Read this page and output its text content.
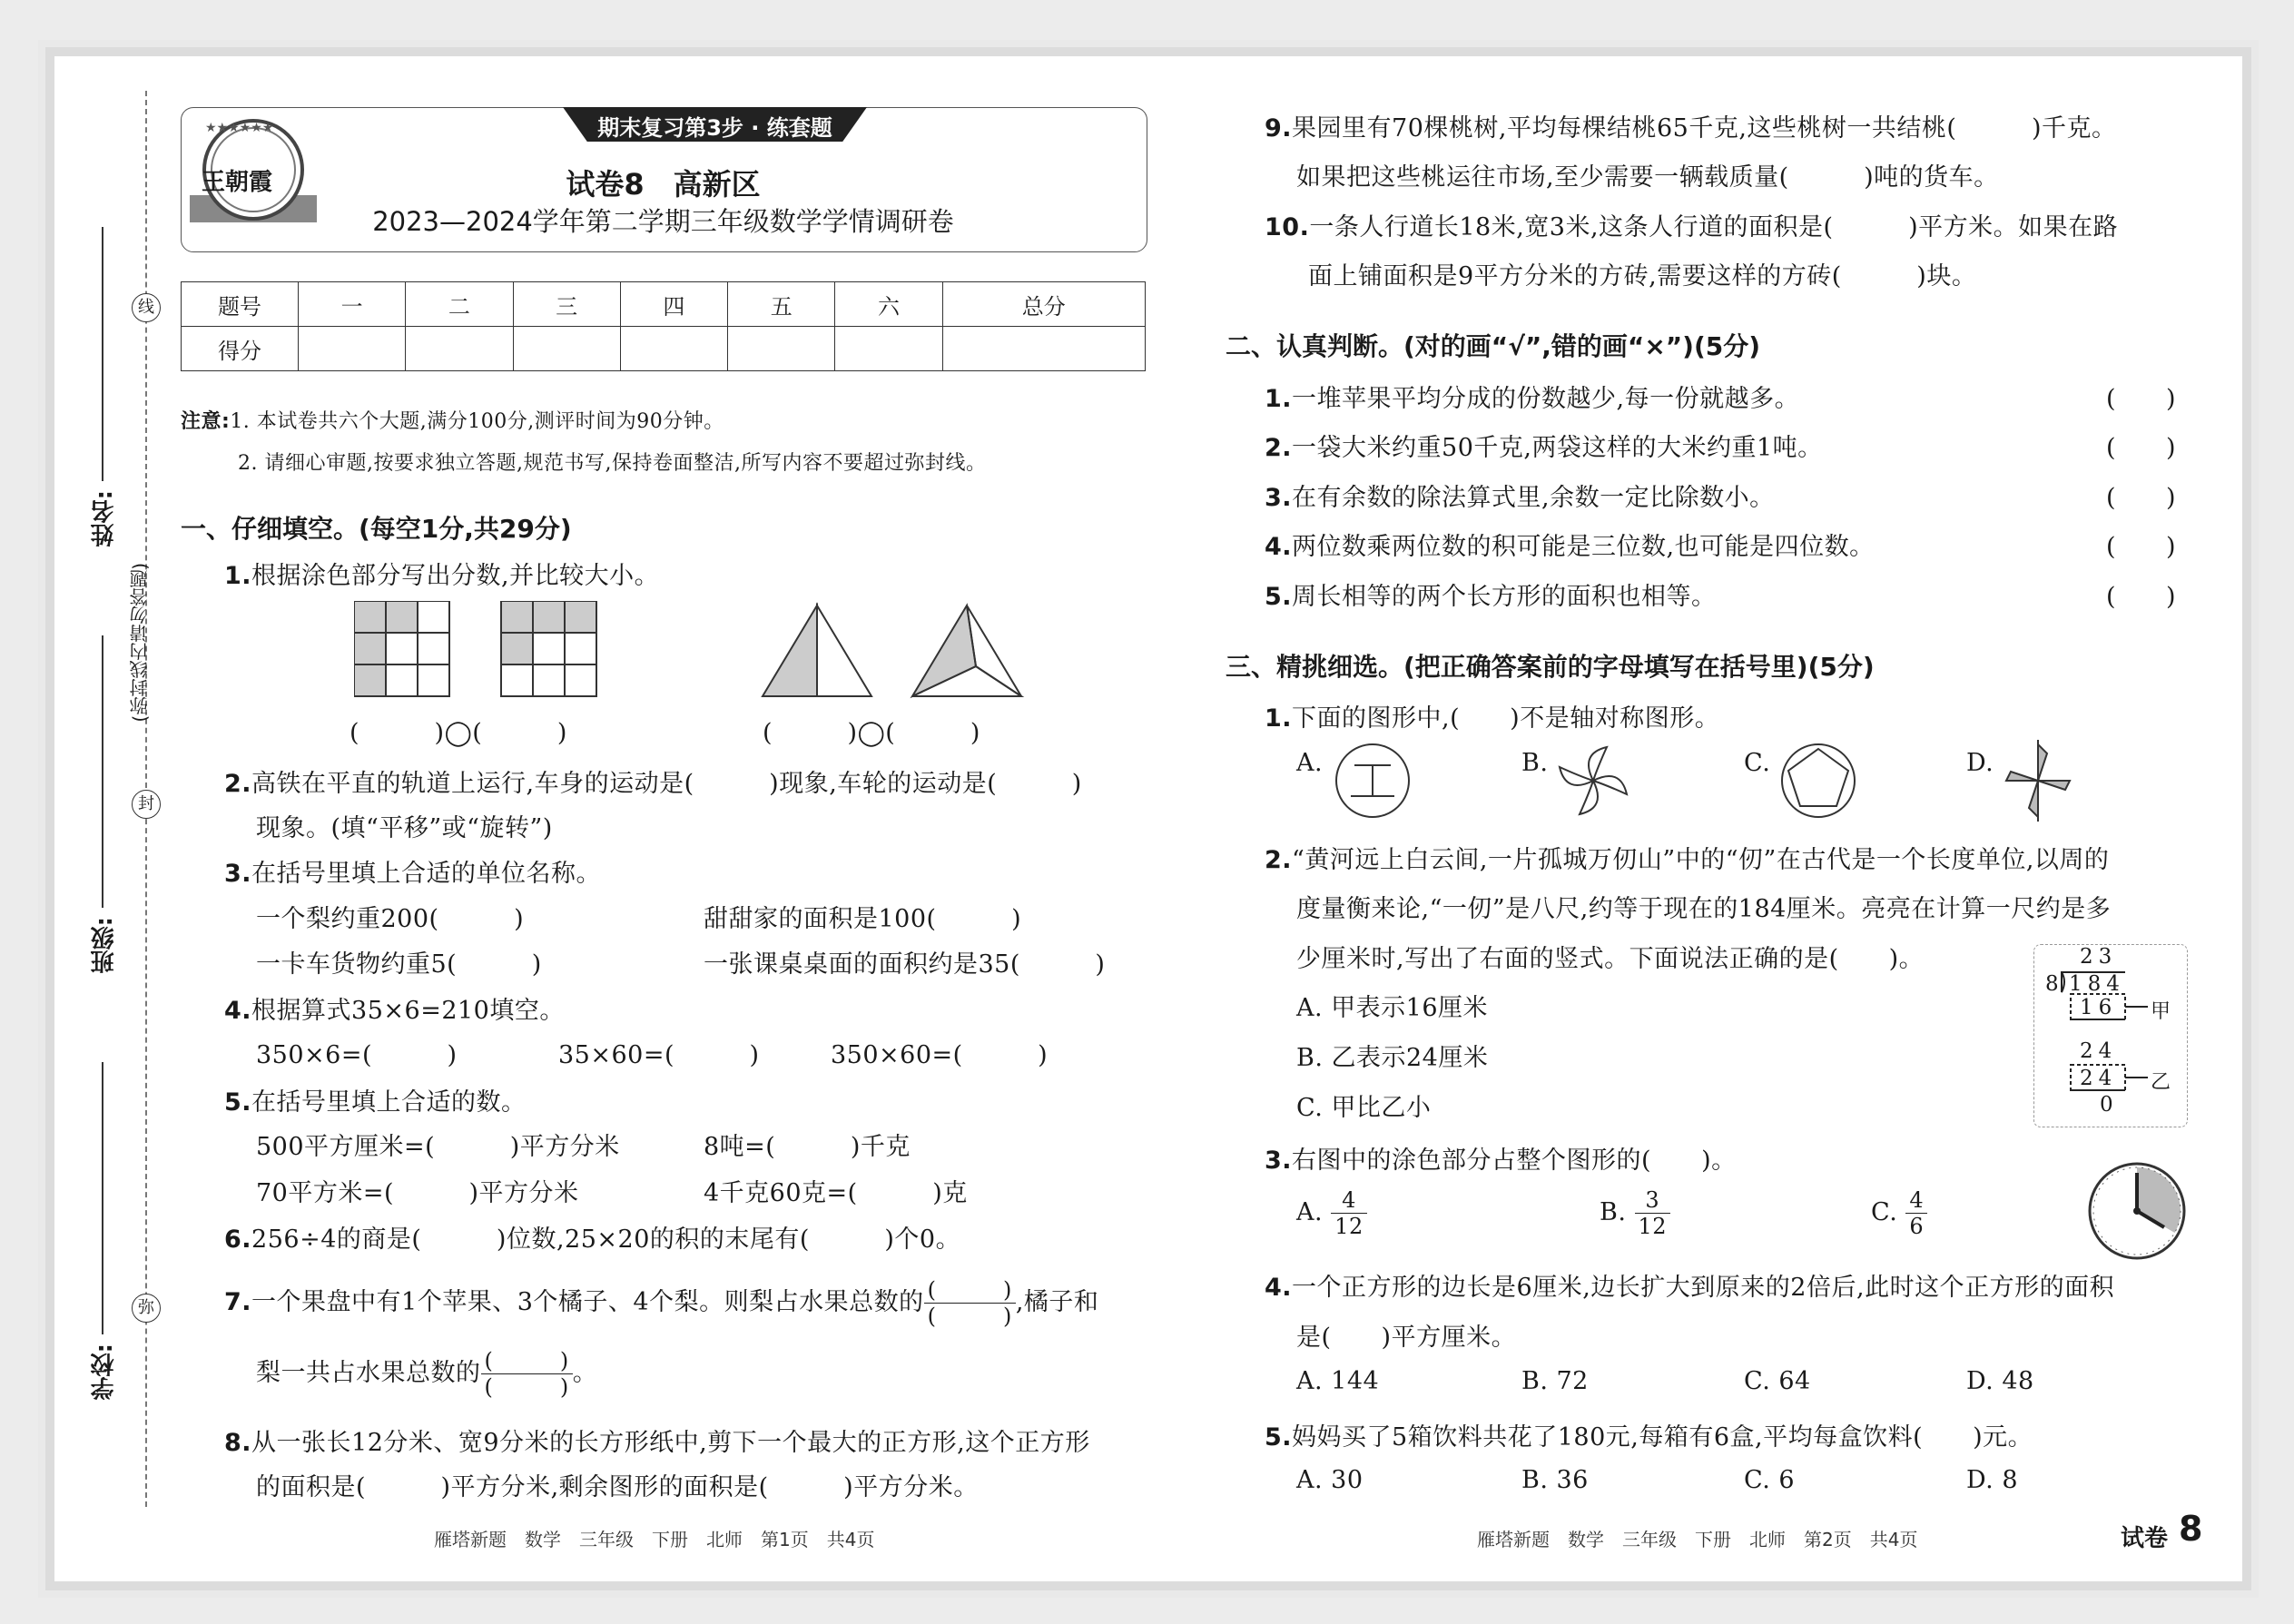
线
封
弥
(弥封线内请勿答题)
姓名:
班级:
学校:
★★★★★★
王朝霞
期末复习第3步 · 练套题
试卷8　高新区
2023—2024学年第二学期三年级数学学情调研卷
题号	一	二	三	四	五	六	总分
得分							
注意:1. 本试卷共六个大题,满分100分,测评时间为90分钟。
2. 请细心审题,按要求独立答题,规范书写,保持卷面整洁,所写内容不要超过弥封线。
一、仔细填空。(每空1分,共29分)
1.根据涂色部分写出分数,并比较大小。
(　　　)◯(　　　)	(　　　)◯(　　　)
2.高铁在平直的轨道上运行,车身的运动是(　　　)现象,车轮的运动是(　　　)
现象。(填“平移”或“旋转”)
3.在括号里填上合适的单位名称。
一个梨约重200(　　　)	甜甜家的面积是100(　　　)
一卡车货物约重5(　　　)	一张课桌桌面的面积约是35(　　　)
4.根据算式35×6=210填空。
350×6=(　　　)	35×60=(　　　)	350×60=(　　　)
5.在括号里填上合适的数。
500平方厘米=(　　　)平方分米	8吨=(　　　)千克
70平方米=(　　　)平方分米	4千克60克=(　　　)克
6.256÷4的商是(　　　)位数,25×20的积的末尾有(　　　)个0。
7.一个果盘中有1个苹果、3个橘子、4个梨。则梨占水果总数的 $\frac{( )}{( )}$ ,橘子和
梨一共占水果总数的 $\frac{( )}{( )}$ 。
8.从一张长12分米、宽9分米的长方形纸中,剪下一个最大的正方形,这个正方形
的面积是(　　　)平方分米,剩余图形的面积是(　　　)平方分米。
雁塔新题　数学　三年级　下册　北师　第1页　共4页
9.果园里有70棵桃树,平均每棵结桃65千克,这些桃树一共结桃(　　　)千克。
如果把这些桃运往市场,至少需要一辆载质量(　　　)吨的货车。
10.一条人行道长18米,宽3米,这条人行道的面积是(　　　)平方米。如果在路
面上铺面积是9平方分米的方砖,需要这样的方砖(　　　)块。
二、认真判断。(对的画“√”,错的画“×”)(5分)
1.一堆苹果平均分成的份数越少,每一份就越多。	(　　)
2.一袋大米约重50千克,两袋这样的大米约重1吨。	(　　)
3.在有余数的除法算式里,余数一定比除数小。	(　　)
4.两位数乘两位数的积可能是三位数,也可能是四位数。	(　　)
5.周长相等的两个长方形的面积也相等。	(　　)
三、精挑细选。(把正确答案前的字母填写在括号里)(5分)
1.下面的图形中,(　　)不是轴对称图形。
A.	B.	C.	D.
2.“黄河远上白云间,一片孤城万仞山”中的“仞”在古代是一个长度单位,以周的
度量衡来论,“一仞”是八尺,约等于现在的184厘米。亮亮在计算一尺约是多
少厘米时,写出了右面的竖式。下面说法正确的是(　　)。
A. 甲表示16厘米
B. 乙表示24厘米
C. 甲比乙小
23
8 184
16 甲
24
24 乙
0
3.右图中的涂色部分占整个图形的(　　)。
A. $\frac{4}{12}$	B. $\frac{3}{12}$	C. $\frac{4}{6}$
4.一个正方形的边长是6厘米,边长扩大到原来的2倍后,此时这个正方形的面积
是(　　)平方厘米。
A. 144	B. 72	C. 64	D. 48
5.妈妈买了5箱饮料共花了180元,每箱有6盒,平均每盒饮料(　　)元。
A. 30	B. 36	C. 6	D. 8
雁塔新题　数学　三年级　下册　北师　第2页　共4页	试卷 8
